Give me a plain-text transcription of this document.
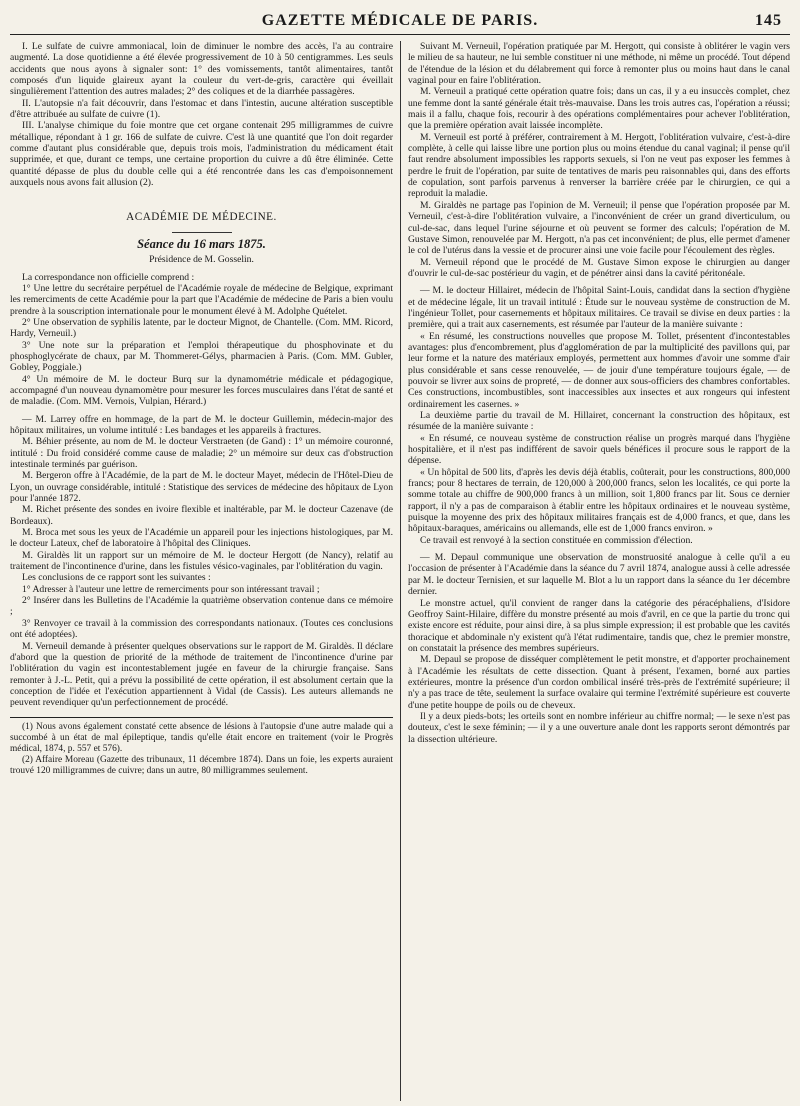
GAZETTE MÉDICALE DE PARIS.	145

I. Le sulfate de cuivre ammoniacal, loin de diminuer le nombre des accès, l'a au contraire augmenté. La dose quotidienne a été élevée progressivement de 10 à 50 centigrammes. Les seuls accidents que nous ayons à signaler sont: 1° des vomissements, tantôt alimentaires, tantôt composés d'un liquide glaireux ayant la couleur du vert-de-gris, caractère qui éveillait singulièrement l'attention des autres malades; 2° des coliques et de la diarrhée passagères.

II. L'autopsie n'a fait découvrir, dans l'estomac et dans l'intestin, aucune altération susceptible d'être attribuée au sulfate de cuivre (1).

III. L'analyse chimique du foie montre que cet organe contenait 295 milligrammes de cuivre métallique, répondant à 1 gr. 166 de sulfate de cuivre. C'est là une quantité que l'on doit regarder comme d'autant plus considérable que, depuis trois mois, l'administration du médicament était supprimée, et que, durant ce temps, une certaine proportion du cuivre a dû être éliminée. Cette quantité dépasse de plus du double celle qui a été rencontrée dans les cas d'empoisonnement auxquels nous avons fait allusion (2).

ACADÉMIE DE MÉDECINE.
Séance du 16 mars 1875.
Présidence de M. Gosselin.

La correspondance non officielle comprend :

1° Une lettre du secrétaire perpétuel de l'Académie royale de médecine de Belgique, exprimant les remerciments de cette Académie pour la part que l'Académie de médecine de Paris a bien voulu prendre à la souscription internationale pour le monument élevé à M. Adolphe Quételet.

2° Une observation de syphilis latente, par le docteur Mignot, de Chantelle. (Com. MM. Ricord, Hardy, Verneuil.)

3° Une note sur la préparation et l'emploi thérapeutique du phosphovinate et du phosphoglycérate de chaux, par M. Thommeret-Gélys, pharmacien à Paris. (Com. MM. Gubler, Gobley, Poggiale.)

4° Un mémoire de M. le docteur Burq sur la dynamométrie médicale et pédagogique, accompagné d'un nouveau dynamomètre pour mesurer les forces musculaires dans l'état de santé et de maladie. (Com. MM. Vernois, Vulpian, Hérard.)

— M. Larrey offre en hommage, de la part de M. le docteur Guillemin, médecin-major des hôpitaux militaires, un volume intitulé : Les bandages et les appareils à fractures.

M. Béhier présente, au nom de M. le docteur Verstraeten (de Gand) : 1° un mémoire couronné, intitulé : Du froid considéré comme cause de maladie; 2° un mémoire sur deux cas d'obstruction intestinale terminés par guérison.

M. Bergeron offre à l'Académie, de la part de M. le docteur Mayet, médecin de l'Hôtel-Dieu de Lyon, un ouvrage considérable, intitulé : Statistique des services de médecine des hôpitaux de Lyon pour l'année 1872.

M. Richet présente des sondes en ivoire flexible et inaltérable, par M. le docteur Cazenave (de Bordeaux).

M. Broca met sous les yeux de l'Académie un appareil pour les injections histologiques, par M. le docteur Lateux, chef de laboratoire à l'hôpital des Cliniques.

M. Giraldès lit un rapport sur un mémoire de M. le docteur Hergott (de Nancy), relatif au traitement de l'incontinence d'urine, dans les fistules vésico-vaginales, par l'oblitération du vagin.

Les conclusions de ce rapport sont les suivantes :

1° Adresser à l'auteur une lettre de remerciments pour son intéressant travail ;

2° Insérer dans les Bulletins de l'Académie la quatrième observation contenue dans ce mémoire ;

3° Renvoyer ce travail à la commission des correspondants nationaux. (Toutes ces conclusions ont été adoptées).

M. Verneuil demande à présenter quelques observations sur le rapport de M. Giraldès. Il déclare d'abord que la question de priorité de la méthode de traitement de l'incontinence d'urine par l'oblitération du vagin est incontestablement jugée en faveur de la chirurgie française. Sans remonter à J.-L. Petit, qui a prévu la possibilité de cette opération, il est absolument certain que la conception de l'idée et l'exécution appartiennent à Vidal (de Cassis). Les auteurs allemands ne peuvent revendiquer qu'un perfectionnement de procédé.

(1) Nous avons également constaté cette absence de lésions à l'autopsie d'une autre malade qui a succombé à un état de mal épileptique, tandis qu'elle était encore en traitement (voir le Progrès médical, 1874, p. 557 et 576).

(2) Affaire Moreau (Gazette des tribunaux, 11 décembre 1874). Dans un foie, les experts auraient trouvé 120 milligrammes de cuivre; dans un autre, 80 milligrammes seulement.

Suivant M. Verneuil, l'opération pratiquée par M. Hergott, qui consiste à oblitérer le vagin vers le milieu de sa hauteur, ne lui semble constituer ni une méthode, ni même un procédé. Tout dépend de l'étendue de la lésion et du délabrement qui force à remonter plus ou moins haut dans le canal vaginal pour en faire l'oblitération.

M. Verneuil a pratiqué cette opération quatre fois; dans un cas, il y a eu insuccès complet, chez une femme dont la santé générale était très-mauvaise. Dans les trois autres cas, l'opération a réussi; mais il a fallu, chaque fois, recourir à des opérations complémentaires pour achever l'oblitération, que la première opération avait laissée incomplète.

M. Verneuil est porté à préférer, contrairement à M. Hergott, l'oblitération vulvaire, c'est-à-dire complète, à celle qui laisse libre une portion plus ou moins étendue du canal vaginal; il pense qu'il faut rendre absolument impossibles les rapports sexuels, si l'on ne veut pas exposer les femmes à perdre le fruit de l'opération, par suite de tentatives de maris peu raisonnables qui, dans des efforts de copulation, sont parfois parvenus à renverser la barrière créée par le chirurgien, ce qui a reproduit la maladie.

M. Giraldès ne partage pas l'opinion de M. Verneuil; il pense que l'opération proposée par M. Verneuil, c'est-à-dire l'oblitération vulvaire, a l'inconvénient de créer un grand diverticulum, ou cul-de-sac, dans lequel l'urine séjourne et où peuvent se former des calculs; l'opération de M. Gustave Simon, renouvelée par M. Hergott, n'a pas cet inconvénient; de plus, elle permet d'amener le col de l'utérus dans la vessie et de procurer ainsi une voie facile pour l'écoulement des règles.

M. Verneuil répond que le procédé de M. Gustave Simon expose le chirurgien au danger d'ouvrir le cul-de-sac postérieur du vagin, et de pénétrer ainsi dans la cavité péritonéale.

— M. le docteur Hillairet, médecin de l'hôpital Saint-Louis, candidat dans la section d'hygiène et de médecine légale, lit un travail intitulé : Étude sur le nouveau système de construction de M. l'ingénieur Tollet, pour casernements et hôpitaux militaires. Ce travail se divise en deux parties : la première, qui a trait aux casernements, est résumée par l'auteur de la manière suivante :

« En résumé, les constructions nouvelles que propose M. Tollet, présentent d'incontestables avantages: plus d'encombrement, plus d'agglomération de par la multiplicité des pavillons qui, par leur forme et la nature des matériaux employés, permettent aux hommes d'avoir une somme d'air plus considérable et sans cesse renouvelée, — de jouir d'une température toujours égale, — de pouvoir se livrer aux soins de propreté, — de donner aux sous-officiers des chambres confortables. Ces constructions, incombustibles, sont inaccessibles aux insectes et aux rongeurs qui infestent ordinairement les casernes. »

La deuxième partie du travail de M. Hillairet, concernant la construction des hôpitaux, est résumée de la manière suivante :

« En résumé, ce nouveau système de construction réalise un progrès marqué dans l'hygiène hospitalière, et il n'est pas indifférent de savoir quels bénéfices il procure sous le rapport de la dépense.

« Un hôpital de 500 lits, d'après les devis déjà établis, coûterait, pour les constructions, 800,000 francs; pour 8 hectares de terrain, de 120,000 à 200,000 francs, selon les localités, ce qui porte la somme totale au chiffre de 900,000 francs à un million, soit 1,800 francs par lit. Sous ce dernier rapport, il n'y a pas de comparaison à établir entre les hôpitaux ordinaires et le nouveau système, puisque la moyenne des prix des hôpitaux militaires français est de 4,000 francs, et que, dans les hôpitaux-baraques, américains ou allemands, elle est de 1,000 francs environ. »

Ce travail est renvoyé à la section constituée en commission d'élection.

— M. Depaul communique une observation de monstruosité analogue à celle qu'il a eu l'occasion de présenter à l'Académie dans la séance du 7 avril 1874, analogue aussi à celle adressée par M. le docteur Ternisien, et sur laquelle M. Blot a lu un rapport dans la séance du 1er décembre dernier.

Le monstre actuel, qu'il convient de ranger dans la catégorie des péracéphaliens, d'Isidore Geoffroy Saint-Hilaire, diffère du monstre présenté au mois d'avril, en ce que la partie du tronc qui existe encore est réduite, pour ainsi dire, à sa plus simple expression; il est probable que les cavités thoracique et abdominale n'y existent qu'à l'état rudimentaire, tandis que, chez le premier monstre, on constatait la présence des membres supérieurs.

M. Depaul se propose de disséquer complètement le petit monstre, et d'apporter prochainement à l'Académie les résultats de cette dissection. Quant à présent, l'examen, borné aux parties extérieures, montre la présence d'un cordon ombilical inséré très-près de l'extrémité supérieure; il n'y a pas trace de tête, seulement la surface ovalaire qui termine l'extrémité supérieure est couverte d'une petite houppe de poils ou de cheveux.

Il y a deux pieds-bots; les orteils sont en nombre inférieur au chiffre normal; — le sexe n'est pas douteux, c'est le sexe féminin; — il y a une ouverture anale dont les rapports seront démontrés par la dissection ultérieure.
